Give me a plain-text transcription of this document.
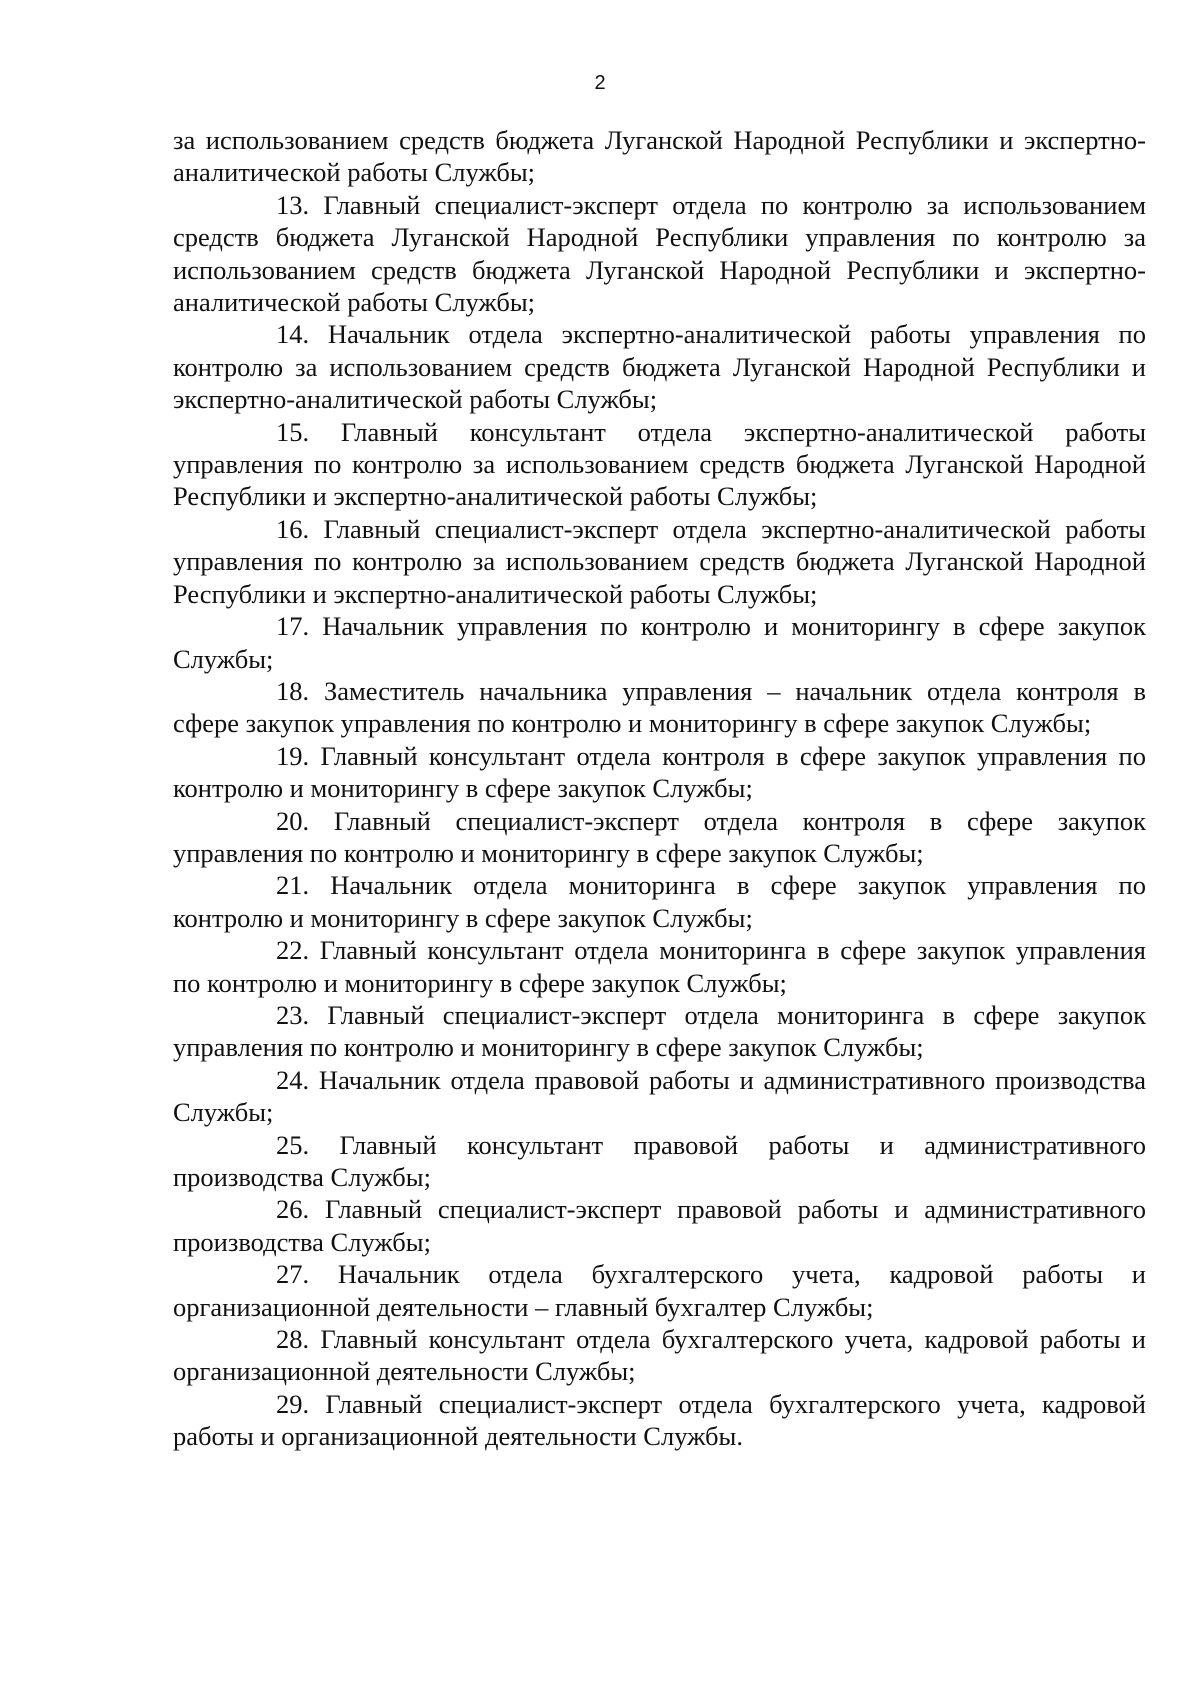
2

за использованием средств бюджета Луганской Народной Республики и экспертно-аналитической работы Службы;

13. Главный специалист-эксперт отдела по контролю за использованием средств бюджета Луганской Народной Республики управления по контролю за использованием средств бюджета Луганской Народной Республики и экспертно-аналитической работы Службы;

14. Начальник отдела экспертно-аналитической работы управления по контролю за использованием средств бюджета Луганской Народной Республики и экспертно-аналитической работы Службы;

15. Главный консультант отдела экспертно-аналитической работы управления по контролю за использованием средств бюджета Луганской Народной Республики и экспертно-аналитической работы Службы;

16. Главный специалист-эксперт отдела экспертно-аналитической работы управления по контролю за использованием средств бюджета Луганской Народной Республики и экспертно-аналитической работы Службы;

17. Начальник управления по контролю и мониторингу в сфере закупок Службы;

18. Заместитель начальника управления – начальник отдела контроля в сфере закупок управления по контролю и мониторингу в сфере закупок Службы;

19. Главный консультант отдела контроля в сфере закупок управления по контролю и мониторингу в сфере закупок Службы;

20. Главный специалист-эксперт отдела контроля в сфере закупок управления по контролю и мониторингу в сфере закупок Службы;

21. Начальник отдела мониторинга в сфере закупок управления по контролю и мониторингу в сфере закупок Службы;

22. Главный консультант отдела мониторинга в сфере закупок управления по контролю и мониторингу в сфере закупок Службы;

23. Главный специалист-эксперт отдела мониторинга в сфере закупок управления по контролю и мониторингу в сфере закупок Службы;

24. Начальник отдела правовой работы и административного производства Службы;

25. Главный консультант правовой работы и административного производства Службы;

26. Главный специалист-эксперт правовой работы и административного производства Службы;

27. Начальник отдела бухгалтерского учета, кадровой работы и организационной деятельности – главный бухгалтер Службы;

28. Главный консультант отдела бухгалтерского учета, кадровой работы и организационной деятельности Службы;

29. Главный специалист-эксперт отдела бухгалтерского учета, кадровой работы и организационной деятельности Службы.
